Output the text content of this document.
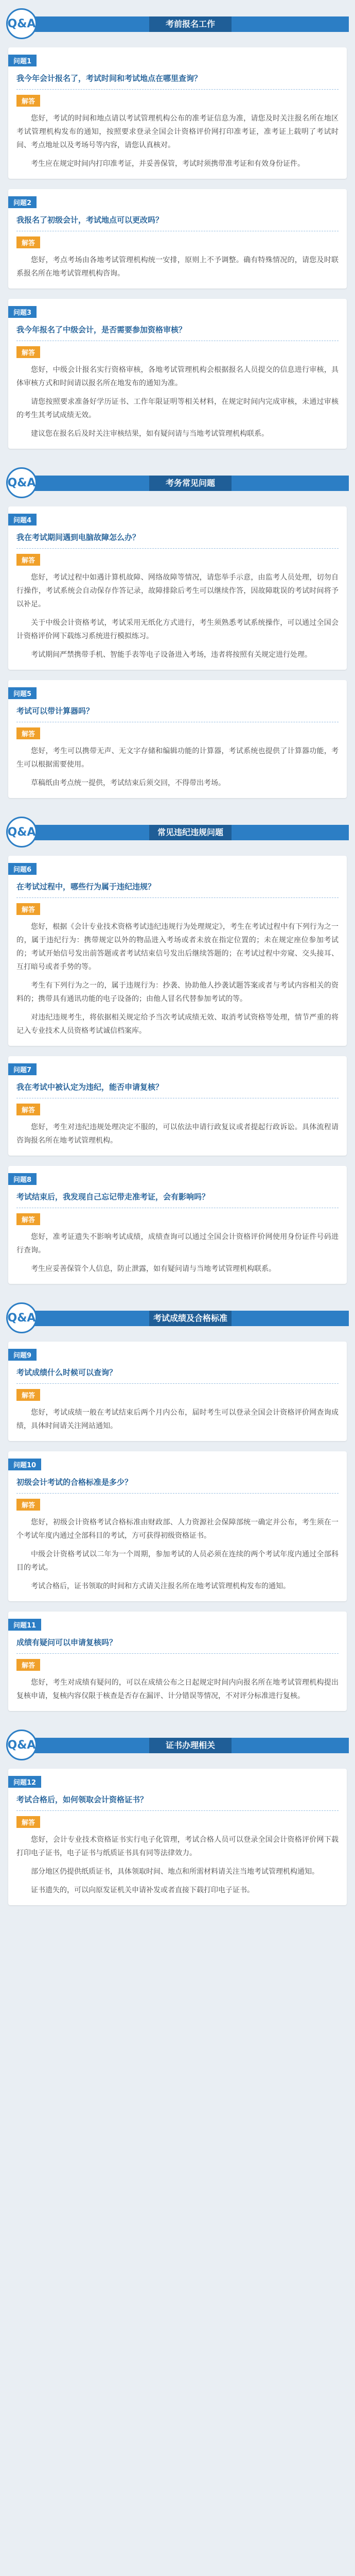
考前报名工作
Q&A
问题1
我今年会计报名了，考试时间和考试地点在哪里查询？
解答

您好，考试的时间和地点请以考试管理机构公布的准考证信息为准，请您及时关注报名所在地区考试管理机构发布的通知，按照要求登录全国会计资格评价网打印准考证，准考证上载明了考试时间、考点地址以及考场号等内容，请您认真核对。

考生应在规定时间内打印准考证，并妥善保管，考试时须携带准考证和有效身份证件。

问题2
我报名了初级会计，考试地点可以更改吗？
解答

您好，考点考场由各地考试管理机构统一安排，原则上不予调整。确有特殊情况的，请您及时联系报名所在地考试管理机构咨询。

问题3
我今年报名了中级会计，是否需要参加资格审核？
解答

您好，中级会计报名实行资格审核，各地考试管理机构会根据报名人员提交的信息进行审核，具体审核方式和时间请以报名所在地发布的通知为准。

请您按照要求准备好学历证书、工作年限证明等相关材料，在规定时间内完成审核，未通过审核的考生其考试成绩无效。

建议您在报名后及时关注审核结果，如有疑问请与当地考试管理机构联系。

考务常见问题
Q&A
问题4
我在考试期间遇到电脑故障怎么办？
解答

您好，考试过程中如遇计算机故障、网络故障等情况，请您举手示意，由监考人员处理，切勿自行操作，考试系统会自动保存作答记录，故障排除后考生可以继续作答，因故障耽误的考试时间将予以补足。

关于中级会计资格考试，考试采用无纸化方式进行，考生须熟悉考试系统操作，可以通过全国会计资格评价网下载练习系统进行模拟练习。

考试期间严禁携带手机、智能手表等电子设备进入考场，违者将按照有关规定进行处理。

问题5
考试可以带计算器吗？
解答

您好，考生可以携带无声、无文字存储和编辑功能的计算器，考试系统也提供了计算器功能，考生可以根据需要使用。

草稿纸由考点统一提供，考试结束后须交回，不得带出考场。

常见违纪违规问题
Q&A
问题6
在考试过程中，哪些行为属于违纪违规？
解答

您好，根据《会计专业技术资格考试违纪违规行为处理规定》，考生在考试过程中有下列行为之一的，属于违纪行为：携带规定以外的物品进入考场或者未放在指定位置的；未在规定座位参加考试的；考试开始信号发出前答题或者考试结束信号发出后继续答题的；在考试过程中旁窥、交头接耳、互打暗号或者手势的等。

考生有下列行为之一的，属于违规行为：抄袭、协助他人抄袭试题答案或者与考试内容相关的资料的；携带具有通讯功能的电子设备的；由他人冒名代替参加考试的等。

对违纪违规考生，将依据相关规定给予当次考试成绩无效、取消考试资格等处理，情节严重的将记入专业技术人员资格考试诚信档案库。

问题7
我在考试中被认定为违纪，能否申请复核？
解答

您好，考生对违纪违规处理决定不服的，可以依法申请行政复议或者提起行政诉讼。具体流程请咨询报名所在地考试管理机构。

问题8
考试结束后，我发现自己忘记带走准考证，会有影响吗？
解答

您好，准考证遗失不影响考试成绩，成绩查询可以通过全国会计资格评价网使用身份证件号码进行查询。

考生应妥善保管个人信息，防止泄露，如有疑问请与当地考试管理机构联系。

考试成绩及合格标准
Q&A
问题9
考试成绩什么时候可以查询？
解答

您好，考试成绩一般在考试结束后两个月内公布，届时考生可以登录全国会计资格评价网查询成绩，具体时间请关注网站通知。

问题10
初级会计考试的合格标准是多少？
解答

您好，初级会计资格考试合格标准由财政部、人力资源社会保障部统一确定并公布，考生须在一个考试年度内通过全部科目的考试，方可获得初级资格证书。

中级会计资格考试以二年为一个周期，参加考试的人员必须在连续的两个考试年度内通过全部科目的考试。

考试合格后，证书领取的时间和方式请关注报名所在地考试管理机构发布的通知。

问题11
成绩有疑问可以申请复核吗？
解答

您好，考生对成绩有疑问的，可以在成绩公布之日起规定时间内向报名所在地考试管理机构提出复核申请，复核内容仅限于核查是否存在漏评、计分错误等情况，不对评分标准进行复核。

证书办理相关
Q&A
问题12
考试合格后，如何领取会计资格证书？
解答

您好，会计专业技术资格证书实行电子化管理，考试合格人员可以登录全国会计资格评价网下载打印电子证书，电子证书与纸质证书具有同等法律效力。

部分地区仍提供纸质证书，具体领取时间、地点和所需材料请关注当地考试管理机构通知。

证书遗失的，可以向原发证机关申请补发或者直接下载打印电子证书。
